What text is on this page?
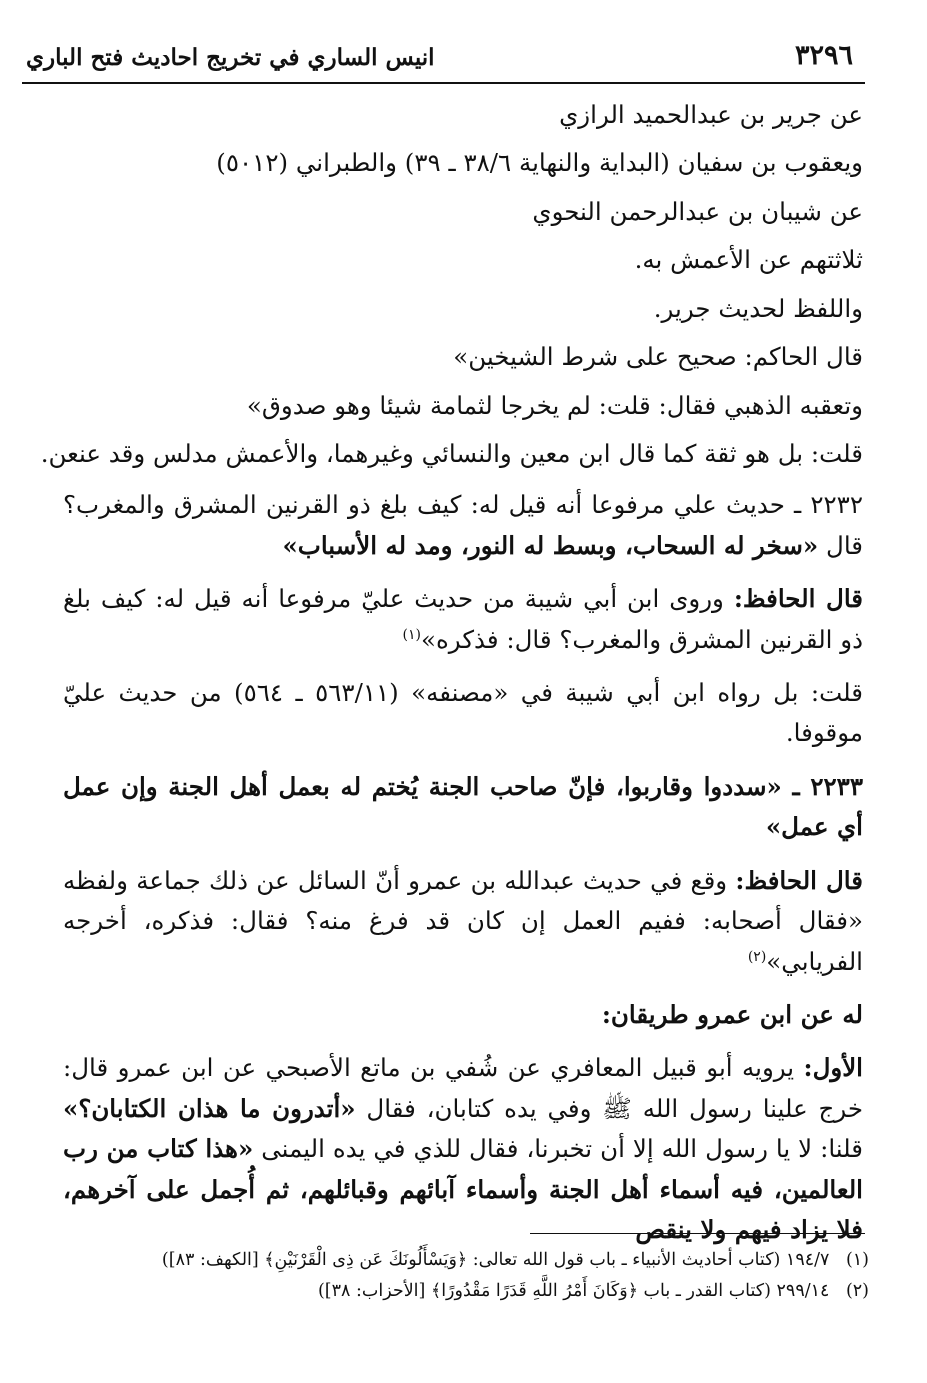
٣٢٩٦
انيس الساري في تخريج احاديث فتح الباري
عن جرير بن عبدالحميد الرازي
ويعقوب بن سفيان (البداية والنهاية ٣٨/٦ ـ ٣٩) والطبراني (٥٠١٢)
عن شيبان بن عبدالرحمن النحوي
ثلاثتهم عن الأعمش به.
واللفظ لحديث جرير.
قال الحاكم: صحيح على شرط الشيخين»
وتعقبه الذهبي فقال: قلت: لم يخرجا لثمامة شيئا وهو صدوق»
قلت: بل هو ثقة كما قال ابن معين والنسائي وغيرهما، والأعمش مدلس وقد عنعن.
٢٢٣٢ ـ حديث علي مرفوعا أنه قيل له: كيف بلغ ذو القرنين المشرق والمغرب؟ قال «سخر له السحاب، وبسط له النور، ومد له الأسباب»
قال الحافظ: وروى ابن أبي شيبة من حديث عليّ مرفوعا أنه قيل له: كيف بلغ ذو القرنين المشرق والمغرب؟ قال: فذكره»$^{(١)}$
قلت: بل رواه ابن أبي شيبة في «مصنفه» (٥٦٣/١١ ـ ٥٦٤) من حديث عليّ موقوفا.
٢٢٣٣ ـ «سددوا وقاربوا، فإنّ صاحب الجنة يُختم له بعمل أهل الجنة وإن عمل أي عمل»
قال الحافظ: وقع في حديث عبدالله بن عمرو أنّ السائل عن ذلك جماعة ولفظه «فقال أصحابه: ففيم العمل إن كان قد فرغ منه؟ فقال: فذكره، أخرجه الفريابي»$^{(٢)}$
له عن ابن عمرو طريقان:
الأول: يرويه أبو قبيل المعافري عن شُفي بن ماتع الأصبحي عن ابن عمرو قال: خرج علينا رسول الله ﷺ وفي يده كتابان، فقال «أتدرون ما هذان الكتابان؟» قلنا: لا يا رسول الله إلا أن تخبرنا، فقال للذي في يده اليمنى «هذا كتاب من رب العالمين، فيه أسماء أهل الجنة وأسماء آبائهم وقبائلهم، ثم أُجمل على آخرهم، فلا يزاد فيهم ولا ينقص
(١) ١٩٤/٧ (كتاب أحاديث الأنبياء ـ باب قول الله تعالى: ﴿وَيَسْأَلُونَكَ عَن ذِى الْقَرْنَيْنِ﴾ [الكهف: ٨٣])
(٢) ٢٩٩/١٤ (كتاب القدر ـ باب ﴿وَكَانَ أَمْرُ اللَّهِ قَدَرًا مَقْدُورًا﴾ [الأحزاب: ٣٨])
